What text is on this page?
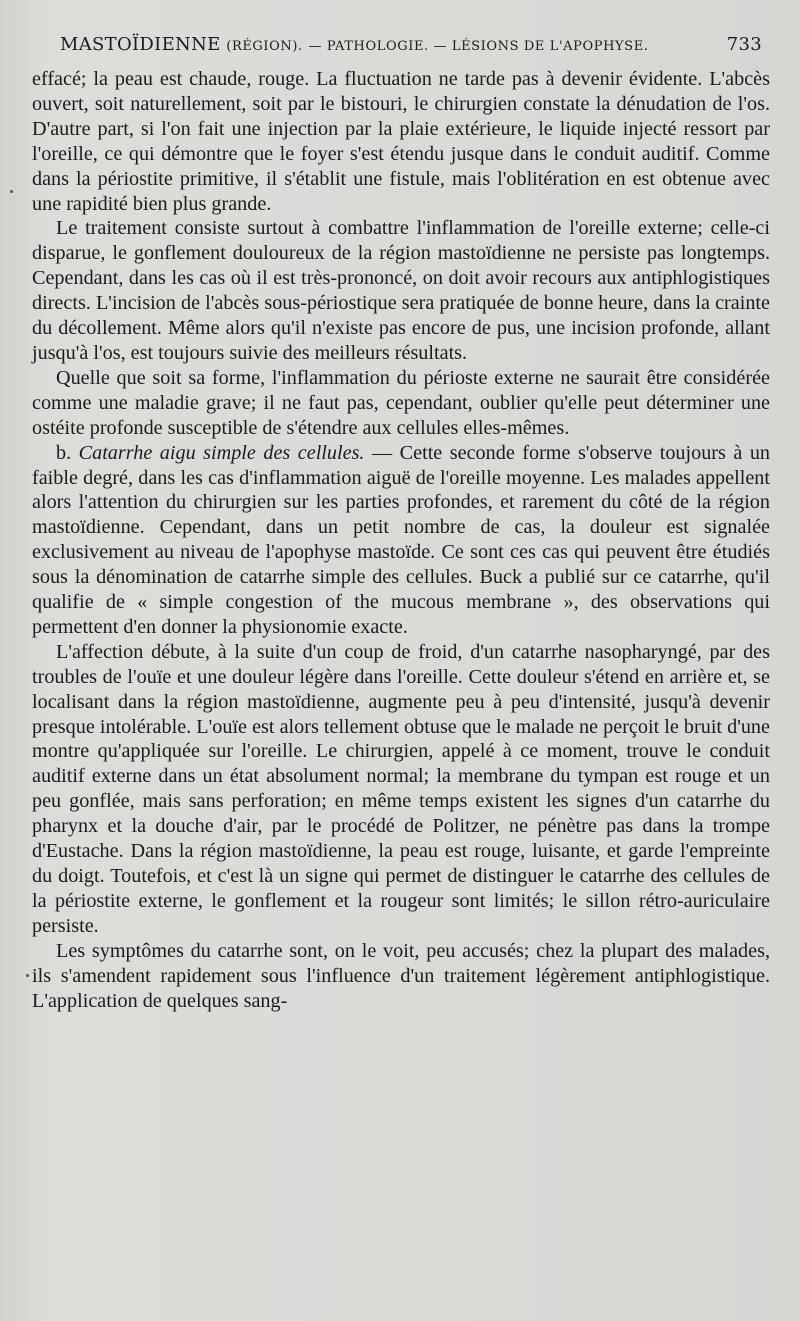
MASTOÏDIENNE (RÉGION). — PATHOLOGIE. — LÉSIONS DE L'APOPHYSE.	733

effacé; la peau est chaude, rouge. La fluctuation ne tarde pas à devenir évidente. L'abcès ouvert, soit naturellement, soit par le bistouri, le chirurgien constate la dénudation de l'os. D'autre part, si l'on fait une injection par la plaie extérieure, le liquide injecté ressort par l'oreille, ce qui démontre que le foyer s'est étendu jusque dans le conduit auditif. Comme dans la périostite primitive, il s'établit une fistule, mais l'oblitération en est obtenue avec une rapidité bien plus grande.

Le traitement consiste surtout à combattre l'inflammation de l'oreille externe; celle-ci disparue, le gonflement douloureux de la région mastoïdienne ne persiste pas longtemps. Cependant, dans les cas où il est très-prononcé, on doit avoir recours aux antiphlogistiques directs. L'incision de l'abcès sous-périostique sera pratiquée de bonne heure, dans la crainte du décollement. Même alors qu'il n'existe pas encore de pus, une incision profonde, allant jusqu'à l'os, est toujours suivie des meilleurs résultats.

Quelle que soit sa forme, l'inflammation du périoste externe ne saurait être considérée comme une maladie grave; il ne faut pas, cependant, oublier qu'elle peut déterminer une ostéite profonde susceptible de s'étendre aux cellules elles-mêmes.

b. Catarrhe aigu simple des cellules. — Cette seconde forme s'observe toujours à un faible degré, dans les cas d'inflammation aiguë de l'oreille moyenne. Les malades appellent alors l'attention du chirurgien sur les parties profondes, et rarement du côté de la région mastoïdienne. Cependant, dans un petit nombre de cas, la douleur est signalée exclusivement au niveau de l'apophyse mastoïde. Ce sont ces cas qui peuvent être étudiés sous la dénomination de catarrhe simple des cellules. Buck a publié sur ce catarrhe, qu'il qualifie de « simple congestion of the mucous membrane », des observations qui permettent d'en donner la physionomie exacte.

L'affection débute, à la suite d'un coup de froid, d'un catarrhe nasopharyngé, par des troubles de l'ouïe et une douleur légère dans l'oreille. Cette douleur s'étend en arrière et, se localisant dans la région mastoïdienne, augmente peu à peu d'intensité, jusqu'à devenir presque intolérable. L'ouïe est alors tellement obtuse que le malade ne perçoit le bruit d'une montre qu'appliquée sur l'oreille. Le chirurgien, appelé à ce moment, trouve le conduit auditif externe dans un état absolument normal; la membrane du tympan est rouge et un peu gonflée, mais sans perforation; en même temps existent les signes d'un catarrhe du pharynx et la douche d'air, par le procédé de Politzer, ne pénètre pas dans la trompe d'Eustache. Dans la région mastoïdienne, la peau est rouge, luisante, et garde l'empreinte du doigt. Toutefois, et c'est là un signe qui permet de distinguer le catarrhe des cellules de la périostite externe, le gonflement et la rougeur sont limités; le sillon rétro-auriculaire persiste.

Les symptômes du catarrhe sont, on le voit, peu accusés; chez la plupart des malades, ils s'amendent rapidement sous l'influence d'un traitement légèrement antiphlogistique. L'application de quelques sang-
